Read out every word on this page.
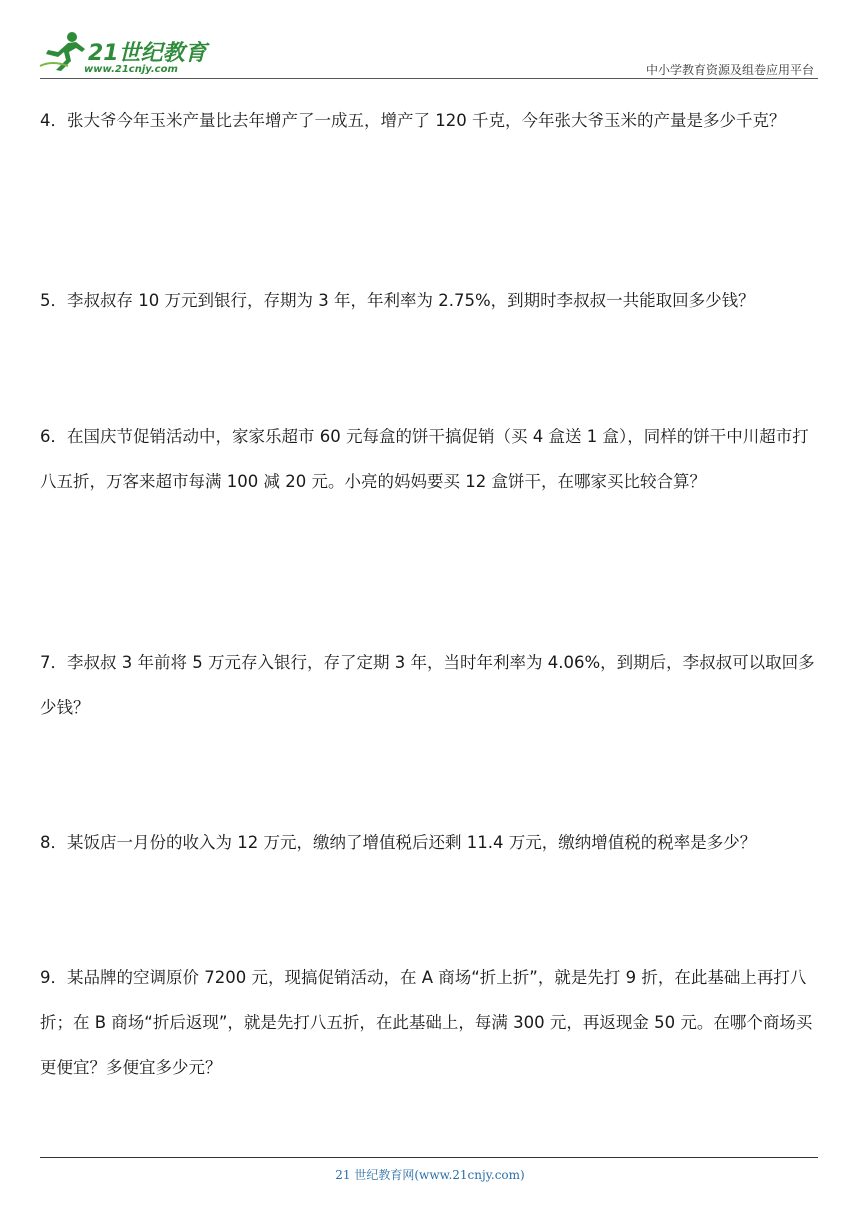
21世纪教育
www.21cnjy.com	中小学教育资源及组卷应用平台

4．张大爷今年玉米产量比去年增产了一成五，增产了 120 千克，今年张大爷玉米的产量是多少千克？

5．李叔叔存 10 万元到银行，存期为 3 年，年利率为 2.75%，到期时李叔叔一共能取回多少钱？

6．在国庆节促销活动中，家家乐超市 60 元每盒的饼干搞促销（买 4 盒送 1 盒），同样的饼干中川超市打八五折，万客来超市每满 100 减 20 元。小亮的妈妈要买 12 盒饼干，在哪家买比较合算？

7．李叔叔 3 年前将 5 万元存入银行，存了定期 3 年，当时年利率为 4.06%，到期后，李叔叔可以取回多少钱？

8．某饭店一月份的收入为 12 万元，缴纳了增值税后还剩 11.4 万元，缴纳增值税的税率是多少？

9．某品牌的空调原价 7200 元，现搞促销活动，在 A 商场“折上折”，就是先打 9 折，在此基础上再打八折；在 B 商场“折后返现”，就是先打八五折，在此基础上，每满 300 元，再返现金 50 元。在哪个商场买更便宜？多便宜多少元？

21 世纪教育网(www.21cnjy.com)
